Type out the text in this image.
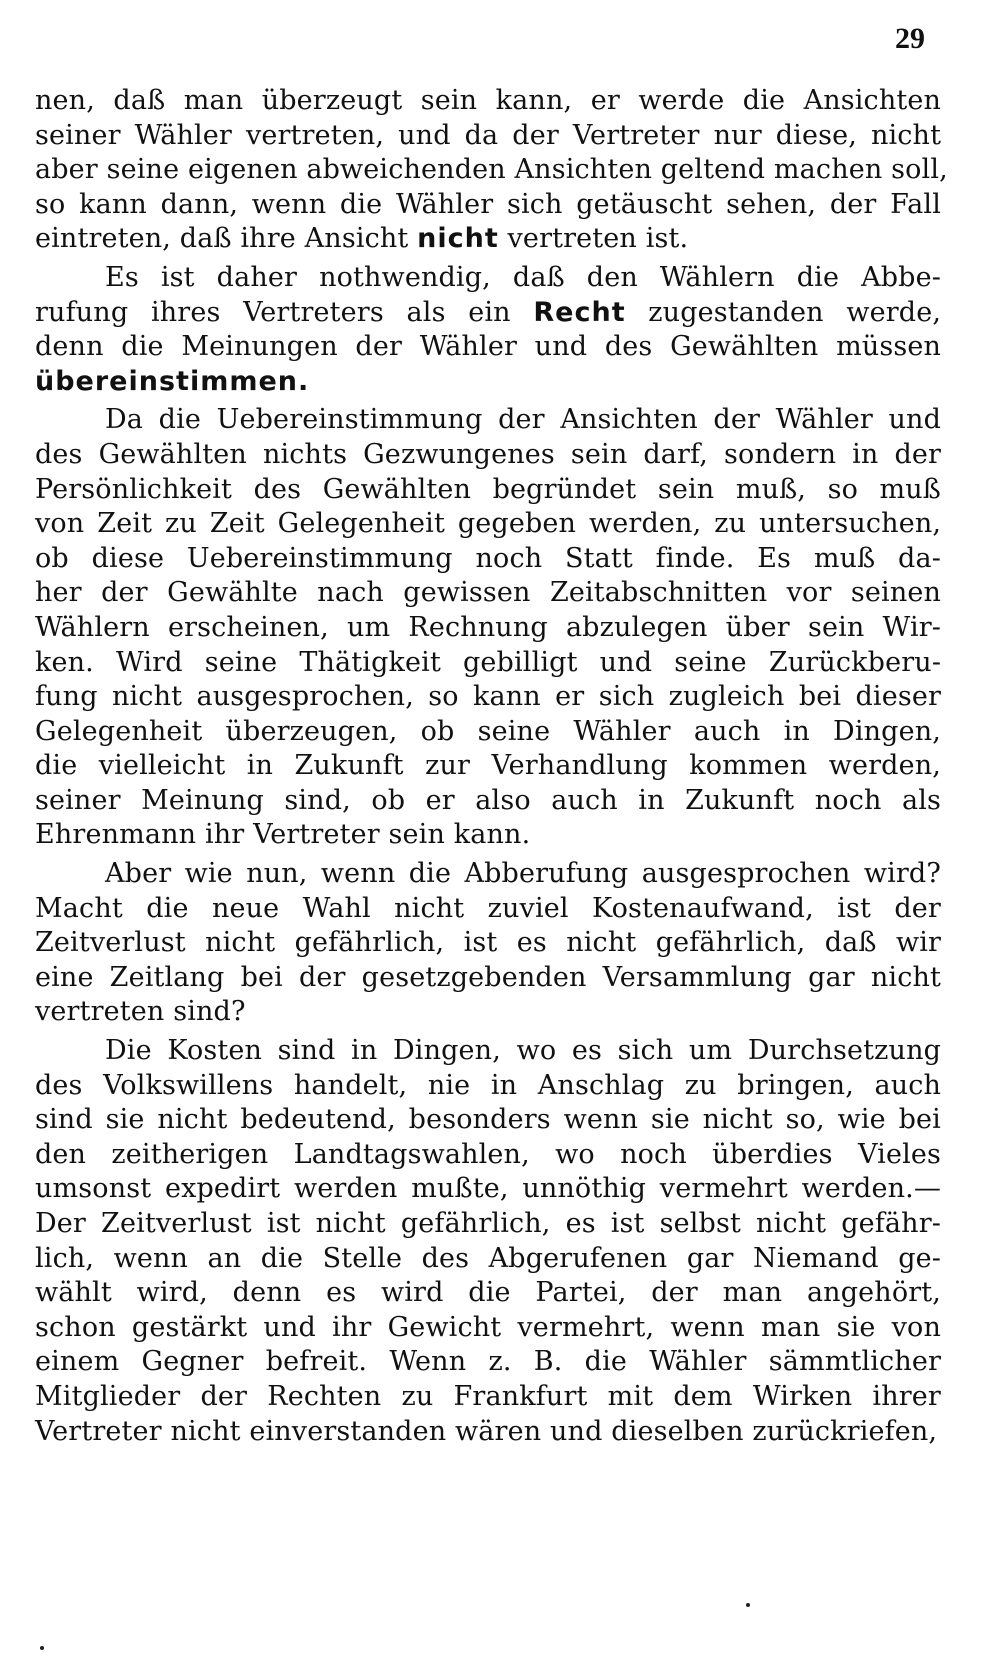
29
nen, daß man überzeugt sein kann, er werde die Ansichten
seiner Wähler vertreten, und da der Vertreter nur diese, nicht
aber seine eigenen abweichenden Ansichten geltend machen soll,
so kann dann, wenn die Wähler sich getäuscht sehen, der Fall
eintreten, daß ihre Ansicht nicht vertreten ist.
Es ist daher nothwendig, daß den Wählern die Abbe-
rufung ihres Vertreters als ein Recht zugestanden werde,
denn die Meinungen der Wähler und des Gewählten müssen
übereinstimmen.
Da die Uebereinstimmung der Ansichten der Wähler und
des Gewählten nichts Gezwungenes sein darf, sondern in der
Persönlichkeit des Gewählten begründet sein muß, so muß
von Zeit zu Zeit Gelegenheit gegeben werden, zu untersuchen,
ob diese Uebereinstimmung noch Statt finde. Es muß da-
her der Gewählte nach gewissen Zeitabschnitten vor seinen
Wählern erscheinen, um Rechnung abzulegen über sein Wir-
ken. Wird seine Thätigkeit gebilligt und seine Zurückberu-
fung nicht ausgesprochen, so kann er sich zugleich bei dieser
Gelegenheit überzeugen, ob seine Wähler auch in Dingen,
die vielleicht in Zukunft zur Verhandlung kommen werden,
seiner Meinung sind, ob er also auch in Zukunft noch als
Ehrenmann ihr Vertreter sein kann.
Aber wie nun, wenn die Abberufung ausgesprochen wird?
Macht die neue Wahl nicht zuviel Kostenaufwand, ist der
Zeitverlust nicht gefährlich, ist es nicht gefährlich, daß wir
eine Zeitlang bei der gesetzgebenden Versammlung gar nicht
vertreten sind?
Die Kosten sind in Dingen, wo es sich um Durchsetzung
des Volkswillens handelt, nie in Anschlag zu bringen, auch
sind sie nicht bedeutend, besonders wenn sie nicht so, wie bei
den zeitherigen Landtagswahlen, wo noch überdies Vieles
umsonst expedirt werden mußte, unnöthig vermehrt werden.—
Der Zeitverlust ist nicht gefährlich, es ist selbst nicht gefähr-
lich, wenn an die Stelle des Abgerufenen gar Niemand ge-
wählt wird, denn es wird die Partei, der man angehört,
schon gestärkt und ihr Gewicht vermehrt, wenn man sie von
einem Gegner befreit. Wenn z. B. die Wähler sämmtlicher
Mitglieder der Rechten zu Frankfurt mit dem Wirken ihrer
Vertreter nicht einverstanden wären und dieselben zurückriefen,
